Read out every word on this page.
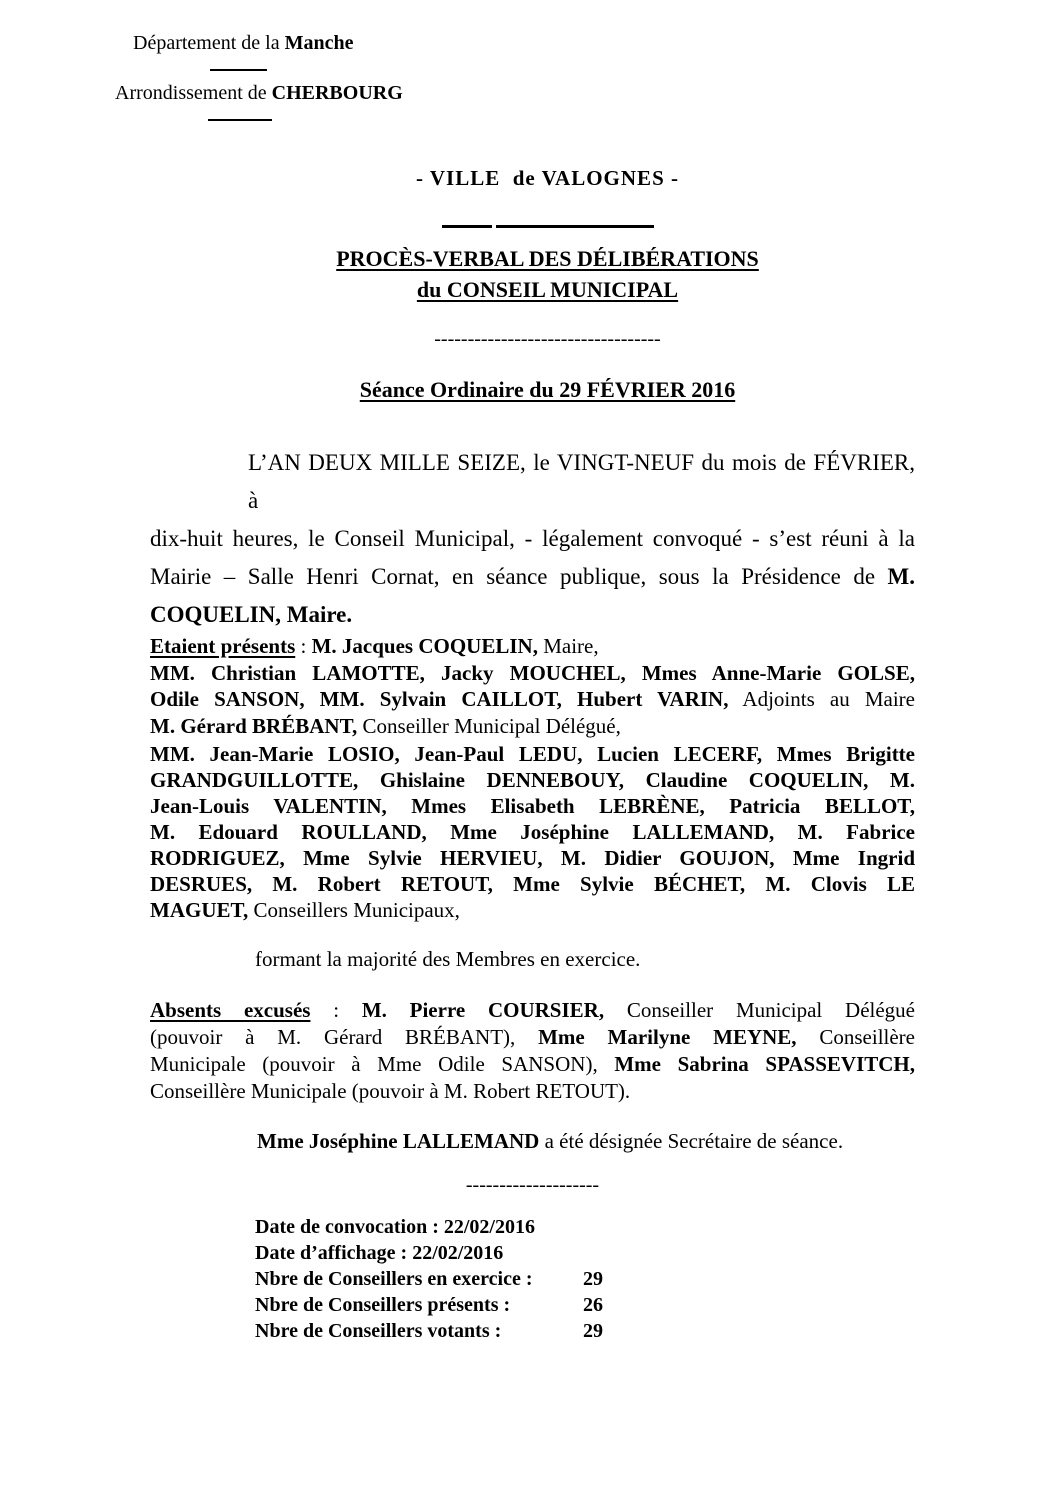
Département de la Manche
Arrondissement de CHERBOURG
- VILLE  de VALOGNES -
PROCÈS-VERBAL DES DÉLIBÉRATIONS
du CONSEIL MUNICIPAL
----------------------------------
Séance Ordinaire du 29 FÉVRIER 2016
L’AN DEUX MILLE SEIZE, le VINGT-NEUF du mois de FÉVRIER, à
dix-huit heures, le Conseil Municipal, - légalement convoqué - s’est réuni à la
Mairie – Salle Henri Cornat, en séance publique, sous la Présidence de M.
COQUELIN, Maire.
Etaient présents : M. Jacques COQUELIN, Maire,
MM. Christian LAMOTTE, Jacky MOUCHEL, Mmes Anne-Marie GOLSE,
Odile SANSON, MM. Sylvain CAILLOT, Hubert VARIN, Adjoints au Maire
M. Gérard BRÉBANT, Conseiller Municipal Délégué,
MM. Jean-Marie LOSIO, Jean-Paul LEDU, Lucien LECERF, Mmes Brigitte
GRANDGUILLOTTE, Ghislaine DENNEBOUY, Claudine COQUELIN, M.
Jean-Louis VALENTIN, Mmes Elisabeth LEBRÈNE, Patricia BELLOT,
M. Edouard ROULLAND, Mme Joséphine LALLEMAND, M. Fabrice
RODRIGUEZ, Mme Sylvie HERVIEU, M. Didier GOUJON, Mme Ingrid
DESRUES, M. Robert RETOUT, Mme Sylvie BÉCHET, M. Clovis LE
MAGUET, Conseillers Municipaux,
formant la majorité des Membres en exercice.
Absents excusés : M. Pierre COURSIER, Conseiller Municipal Délégué
(pouvoir à M. Gérard BRÉBANT), Mme Marilyne MEYNE, Conseillère
Municipale (pouvoir à Mme Odile SANSON), Mme Sabrina SPASSEVITCH,
Conseillère Municipale (pouvoir à M. Robert RETOUT).
Mme Joséphine LALLEMAND a été désignée Secrétaire de séance.
--------------------
Date de convocation : 22/02/2016
Date d’affichage : 22/02/2016
Nbre de Conseillers en exercice :	29
Nbre de Conseillers présents :	26
Nbre de Conseillers votants :	29
